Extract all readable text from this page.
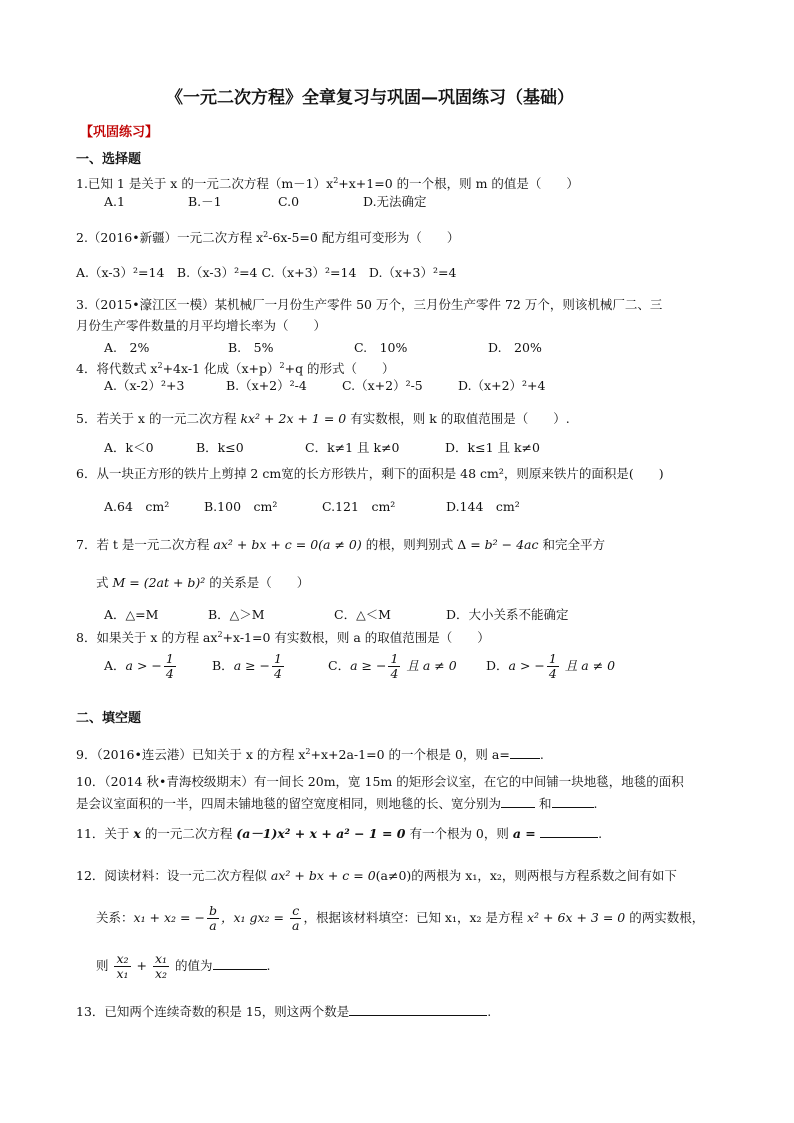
《一元二次方程》全章复习与巩固—巩固练习（基础）
【巩固练习】
一、选择题
1.已知 1 是关于 x 的一元二次方程$(m-1)x^2+x+1=0$ 的一个根，则 m 的值是（　　）
A.1	B.－1	C.0	D.无法确定
2.（2016•新疆）一元二次方程 $x^2-6x-5=0$ 配方组可变形为（　　）
A.（x-3）²=14　B.（x-3）²=4 C.（x+3）²=14　D.（x+3）²=4
3.（2015•濠江区一模）某机械厂一月份生产零件 50 万个，三月份生产零件 72 万个，则该机械厂二、三
月份生产零件数量的月平均增长率为（　　）
A.　2%	B.　5%	C.　10%	D.　20%
4．将代数式 $x^2+4x-1$ 化成$(x+p)^2+q$ 的形式（　　）
A.（x-2）²+3	B.（x+2）²-4	C.（x+2）²-5	D.（x+2）²+4
5．若关于 x 的一元二次方程 kx² + 2x + 1 = 0 有实数根，则 k 的取值范围是（　　）.
A．k＜0	B．k≤0	C．k≠1 且 k≠0	D．k≤1 且 k≠0
6．从一块正方形的铁片上剪掉 2 cm宽的长方形铁片，剩下的面积是 48 cm²，则原来铁片的面积是(　　)
A.64　cm²	B.100　cm²	C.121　cm²	D.144　cm²
7．若 t 是一元二次方程 ax² + bx + c = 0(a ≠ 0) 的根，则判别式 Δ = b² − 4ac 和完全平方
式 M = (2at + b)² 的关系是（　　）
A．△=M	B．△＞M	C．△＜M	D．大小关系不能确定
8．如果关于 x 的方程 $ax^2+x-1=0$ 有实数根，则 a 的取值范围是（　　）
A．a > − $\frac{1}{4}$	B．a ≥ − $\frac{1}{4}$	C．a ≥ − $\frac{1}{4}$ 且 a ≠ 0 D．a > − $\frac{1}{4}$ 且 a ≠ 0
二、填空题
9．（2016•连云港）已知关于 x 的方程 $x^2+x+2a-1=0$ 的一个根是 0，则 a= .
10．（2014 秋•青海校级期末）有一间长 20m，宽 15m 的矩形会议室，在它的中间铺一块地毯，地毯的面积
是会议室面积的一半，四周未铺地毯的留空宽度相同，则地毯的长、宽分别为	和	.
11．关于 x 的一元二次方程 (a－1)x² + x + a² − 1 = 0 有一个根为 0，则 a =	.
12．阅读材料：设一元二次方程似 ax² + bx + c = 0(a≠0)的两根为 x₁，x₂，则两根与方程系数之间有如下
关系：x₁ + x₂ = − $\frac{b}{a}$ ，x₁ $gx_2 = \frac{c}{a}$ ，根据该材料填空：已知 x₁，x₂ 是方程 x² + 6x + 3 = 0 的两实数根，
则 $\frac{\text{x₂}}{\text{x₁}} + \frac{\text{x₁}}{\text{x₂}}$ 的值为	.
13．已知两个连续奇数的积是 15，则这两个数是	.
